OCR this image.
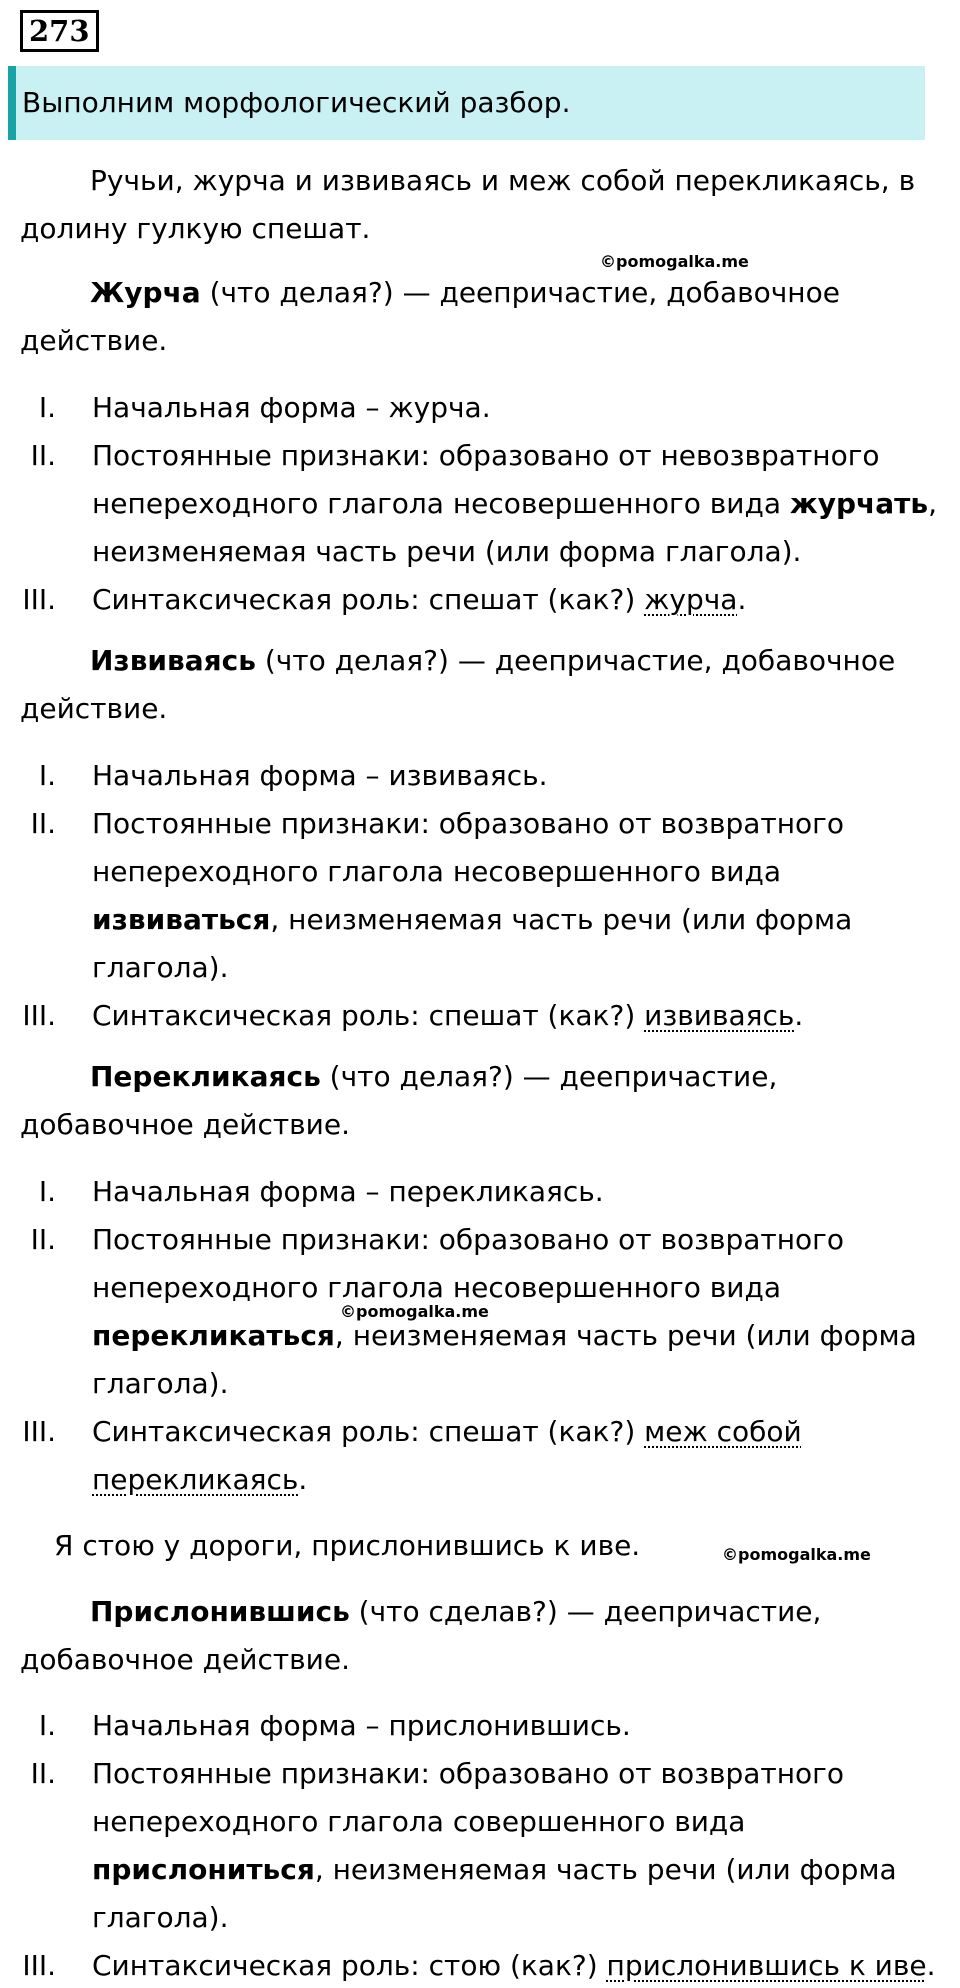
273
Выполним морфологический разбор.
Ручьи, журча и извиваясь и меж собой перекликаясь, в
долину гулкую спешат.
©pomogalka.me
Журча (что делая?) — деепричастие, добавочное
действие.
I. Начальная форма – журча.
II. Постоянные признаки: образовано от невозвратного
непереходного глагола несовершенного вида журчать,
неизменяемая часть речи (или форма глагола).
III. Синтаксическая роль: спешат (как?) журча.
Извиваясь (что делая?) — деепричастие, добавочное
действие.
I. Начальная форма – извиваясь.
II. Постоянные признаки: образовано от возвратного
непереходного глагола несовершенного вида
извиваться, неизменяемая часть речи (или форма
глагола).
III. Синтаксическая роль: спешат (как?) извиваясь.
Перекликаясь (что делая?) — деепричастие,
добавочное действие.
I. Начальная форма – перекликаясь.
II. Постоянные признаки: образовано от возвратного
непереходного глагола несовершенного вида
©pomogalka.me
перекликаться, неизменяемая часть речи (или форма
глагола).
III. Синтаксическая роль: спешат (как?) меж собой
перекликаясь.
Я стою у дороги, прислонившись к иве.	©pomogalka.me
Прислонившись (что сделав?) — деепричастие,
добавочное действие.
I. Начальная форма – прислонившись.
II. Постоянные признаки: образовано от возвратного
непереходного глагола совершенного вида
прислониться, неизменяемая часть речи (или форма
глагола).
III. Синтаксическая роль: стою (как?) прислонившись к иве.
